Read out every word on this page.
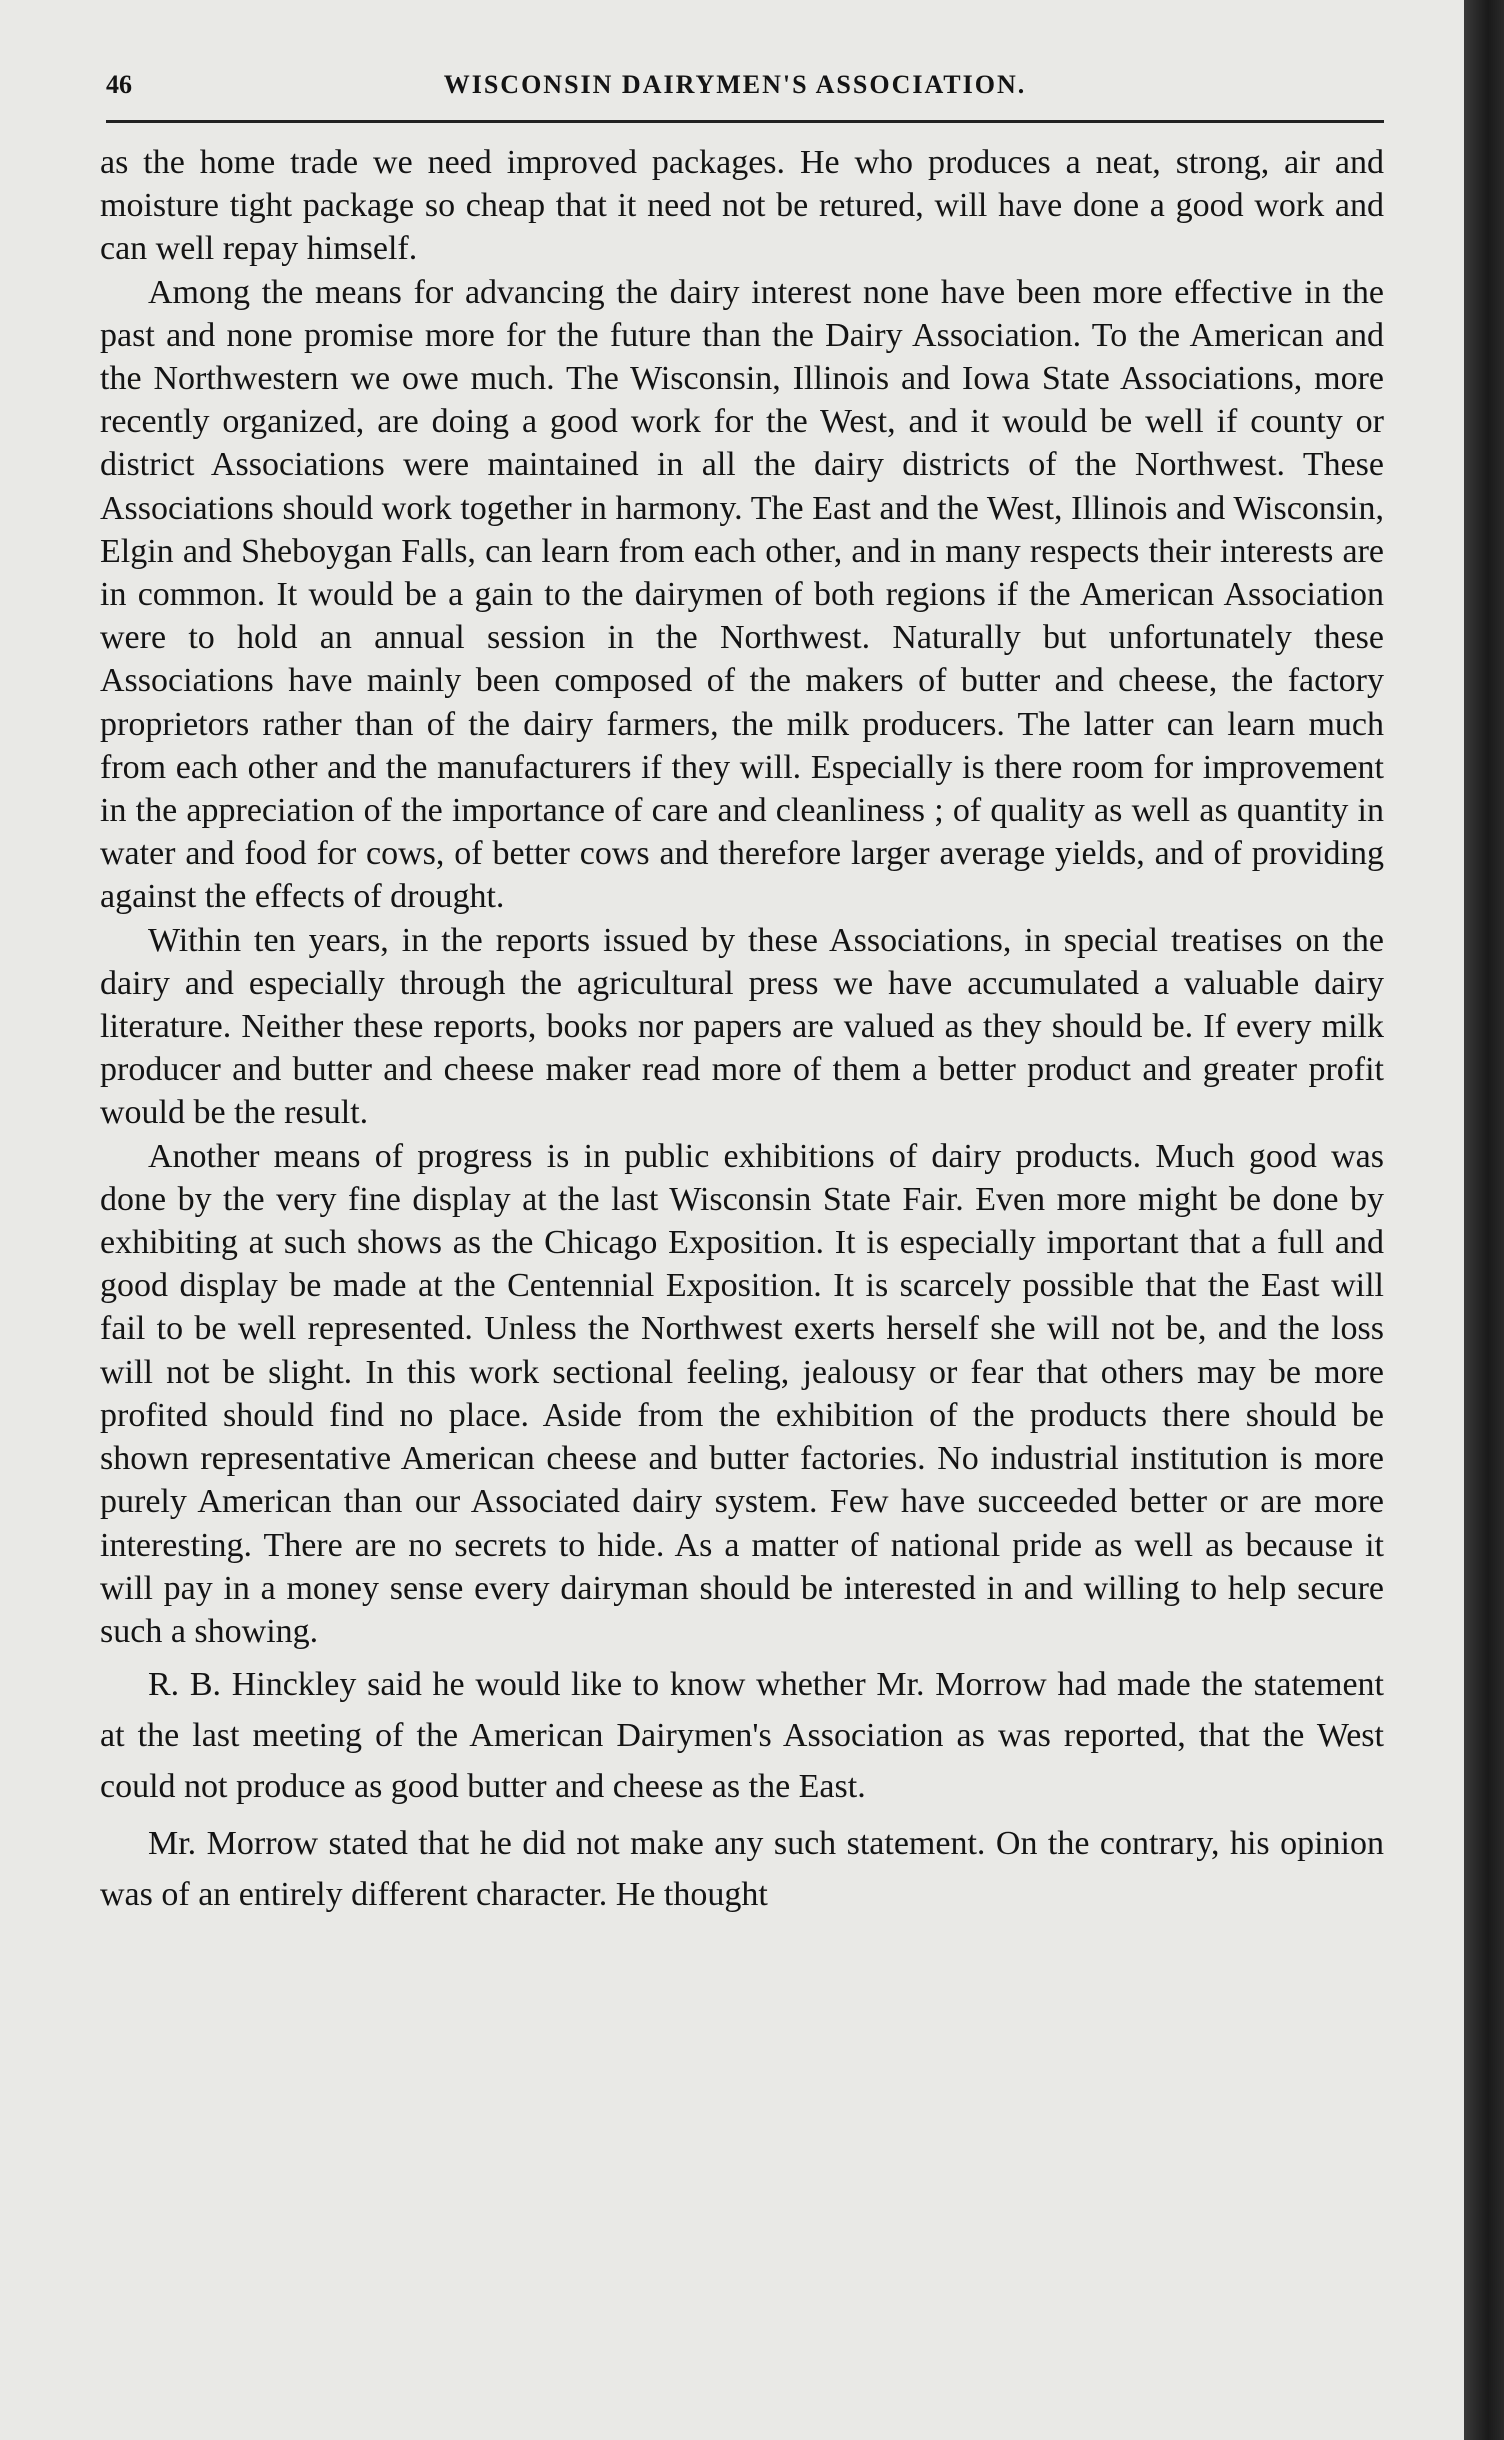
46	WISCONSIN DAIRYMEN'S ASSOCIATION.

as the home trade we need improved packages. He who produces a neat, strong, air and moisture tight package so cheap that it need not be retured, will have done a good work and can well repay himself.

Among the means for advancing the dairy interest none have been more effective in the past and none promise more for the future than the Dairy Association. To the American and the Northwestern we owe much. The Wisconsin, Illinois and Iowa State Associations, more recently organized, are doing a good work for the West, and it would be well if county or district Associations were maintained in all the dairy districts of the Northwest. These Associations should work together in harmony. The East and the West, Illinois and Wisconsin, Elgin and Sheboygan Falls, can learn from each other, and in many respects their interests are in common. It would be a gain to the dairymen of both regions if the American Association were to hold an annual session in the Northwest. Naturally but unfortunately these Associations have mainly been composed of the makers of butter and cheese, the factory proprietors rather than of the dairy farmers, the milk producers. The latter can learn much from each other and the manufacturers if they will. Especially is there room for improvement in the appreciation of the importance of care and cleanliness ; of quality as well as quantity in water and food for cows, of better cows and therefore larger average yields, and of providing against the effects of drought.

Within ten years, in the reports issued by these Associations, in special treatises on the dairy and especially through the agricultural press we have accumulated a valuable dairy literature. Neither these reports, books nor papers are valued as they should be. If every milk producer and butter and cheese maker read more of them a better product and greater profit would be the result.

Another means of progress is in public exhibitions of dairy products. Much good was done by the very fine display at the last Wisconsin State Fair. Even more might be done by exhibiting at such shows as the Chicago Exposition. It is especially important that a full and good display be made at the Centennial Exposition. It is scarcely possible that the East will fail to be well represented. Unless the Northwest exerts herself she will not be, and the loss will not be slight. In this work sectional feeling, jealousy or fear that others may be more profited should find no place. Aside from the exhibition of the products there should be shown representative American cheese and butter factories. No industrial institution is more purely American than our Associated dairy system. Few have succeeded better or are more interesting. There are no secrets to hide. As a matter of national pride as well as because it will pay in a money sense every dairyman should be interested in and willing to help secure such a showing.

R. B. Hinckley said he would like to know whether Mr. Morrow had made the statement at the last meeting of the American Dairymen's Association as was reported, that the West could not produce as good butter and cheese as the East.

Mr. Morrow stated that he did not make any such statement. On the contrary, his opinion was of an entirely different character. He thought
